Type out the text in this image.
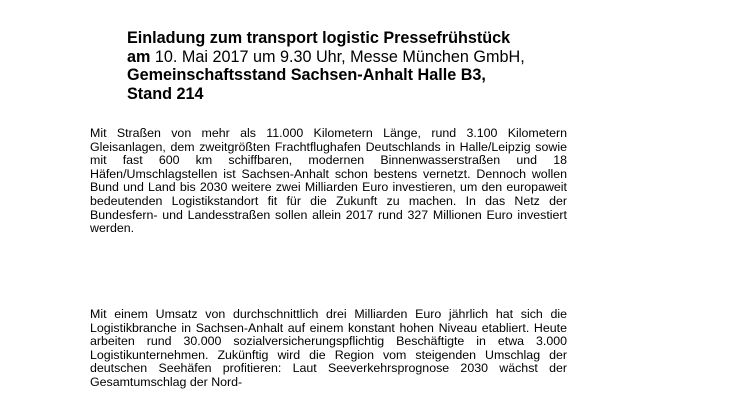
Einladung zum transport logistic Pressefrühstück
am 10. Mai 2017 um 9.30 Uhr, Messe München GmbH,
Gemeinschaftsstand Sachsen-Anhalt Halle B3,
Stand 214

Mit Straßen von mehr als 11.000 Kilometern Länge, rund 3.100 Kilometern Gleisanlagen, dem zweitgrößten Frachtflughafen Deutschlands in Halle/Leipzig sowie mit fast 600 km schiffbaren, modernen Binnenwasserstraßen und 18 Häfen/Umschlagstellen ist Sachsen-Anhalt schon bestens vernetzt. Dennoch wollen Bund und Land bis 2030 weitere zwei Milliarden Euro investieren, um den europaweit bedeutenden Logistikstandort fit für die Zukunft zu machen. In das Netz der Bundesfern- und Landesstraßen sollen allein 2017 rund 327 Millionen Euro investiert werden.

Mit einem Umsatz von durchschnittlich drei Milliarden Euro jährlich hat sich die Logistikbranche in Sachsen-Anhalt auf einem konstant hohen Niveau etabliert. Heute arbeiten rund 30.000 sozialversicherungspflichtig Beschäftigte in etwa 3.000 Logistikunternehmen. Zukünftig wird die Region vom steigenden Umschlag der deutschen Seehäfen profitieren: Laut Seeverkehrsprognose 2030 wächst der Gesamtumschlag der Nord-
